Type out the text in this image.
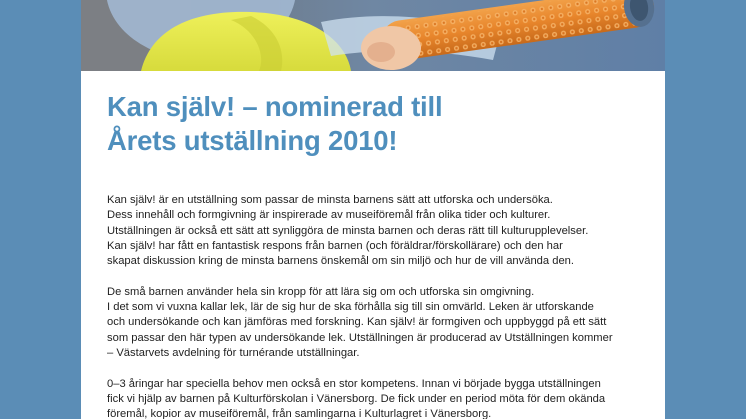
Kan själv! – nominerad till
Årets utställning 2010!

Kan själv! är en utställning som passar de minsta barnens sätt att utforska och undersöka.
Dess innehåll och formgivning är inspirerade av museiföremål från olika tider och kulturer.
Utställningen är också ett sätt att synliggöra de minsta barnen och deras rätt till kulturupplevelser.
Kan själv! har fått en fantastisk respons från barnen (och föräldrar/förskollärare) och den har
skapat diskussion kring de minsta barnens önskemål om sin miljö och hur de vill använda den.

De små barnen använder hela sin kropp för att lära sig om och utforska sin omgivning.
I det som vi vuxna kallar lek, lär de sig hur de ska förhålla sig till sin omvärld. Leken är utforskande
och undersökande och kan jämföras med forskning. Kan själv! är formgiven och uppbyggd på ett sätt
som passar den här typen av undersökande lek. Utställningen är producerad av Utställningen kommer
– Västarvets avdelning för turnérande utställningar.

0–3 åringar har speciella behov men också en stor kompetens. Innan vi började bygga utställningen
fick vi hjälp av barnen på Kulturförskolan i Vänersborg. De fick under en period möta för dem okända
föremål, kopior av museiföremål, från samlingarna i Kulturlagret i Vänersborg.
